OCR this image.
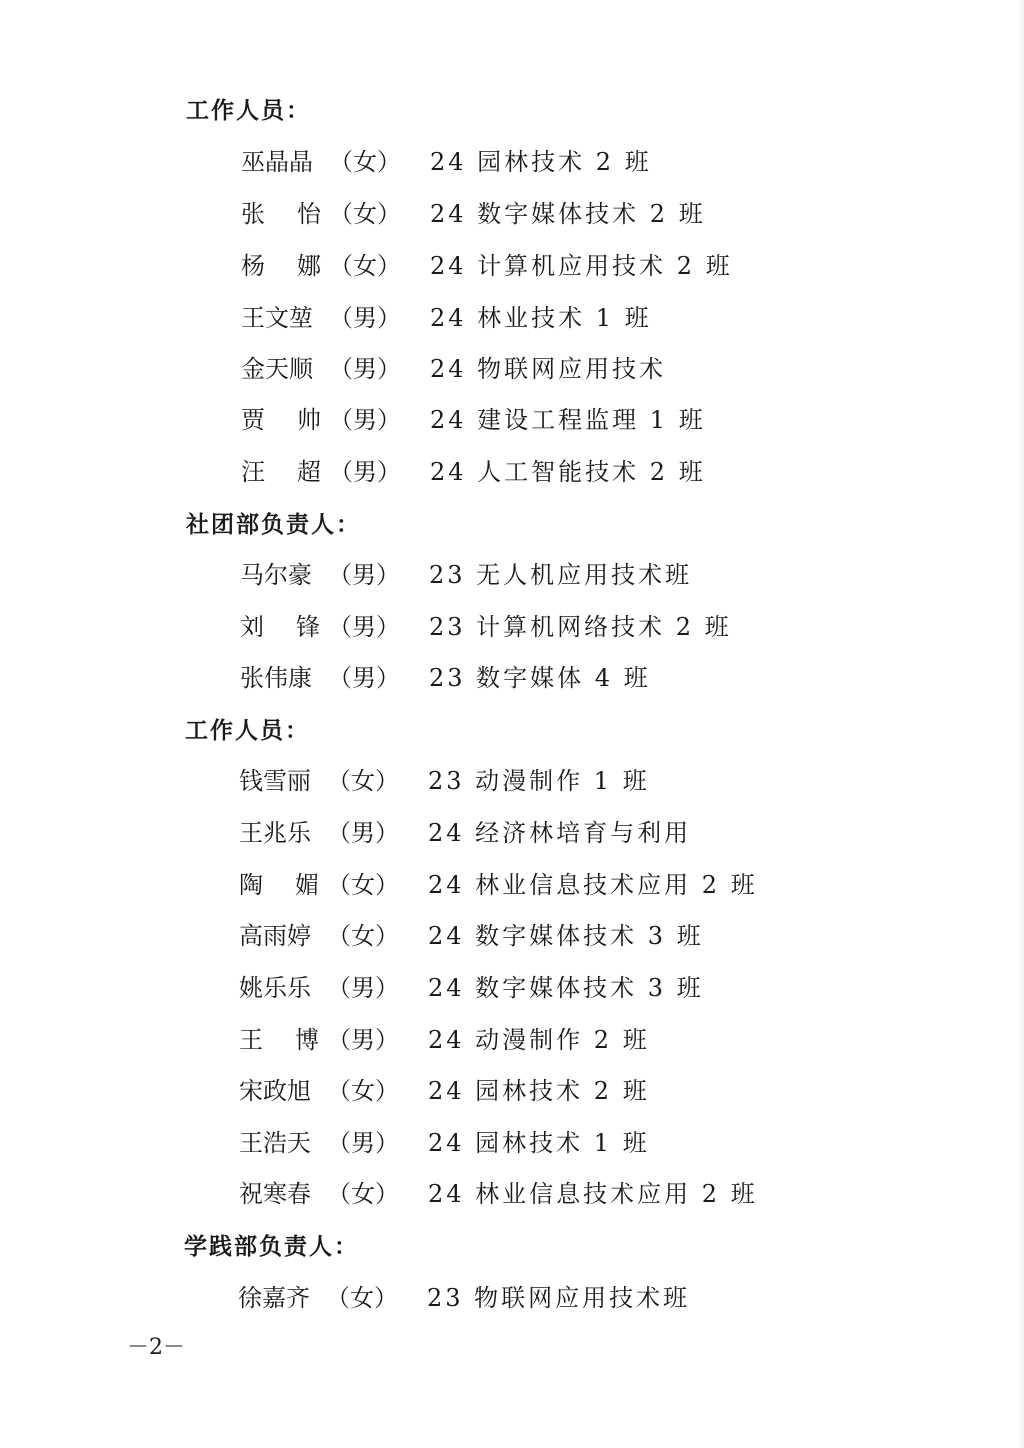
工作人员：
巫晶晶 （女） 24 园林技术 2 班
张 怡 （女） 24 数字媒体技术 2 班
杨 娜 （女） 24 计算机应用技术 2 班
王文堃 （男） 24 林业技术 1 班
金天顺 （男） 24 物联网应用技术
贾 帅 （男） 24 建设工程监理 1 班
汪 超 （男） 24 人工智能技术 2 班
社团部负责人：
马尔豪 （男） 23 无人机应用技术班
刘 锋 （男） 23 计算机网络技术 2 班
张伟康 （男） 23 数字媒体 4 班
工作人员：
钱雪丽 （女） 23 动漫制作 1 班
王兆乐 （男） 24 经济林培育与利用
陶 媚 （女） 24 林业信息技术应用 2 班
高雨婷 （女） 24 数字媒体技术 3 班
姚乐乐 （男） 24 数字媒体技术 3 班
王 博 （男） 24 动漫制作 2 班
宋政旭 （女） 24 园林技术 2 班
王浩天 （男） 24 园林技术 1 班
祝寒春 （女） 24 林业信息技术应用 2 班
学践部负责人：
徐嘉齐 （女） 23 物联网应用技术班
－2－
